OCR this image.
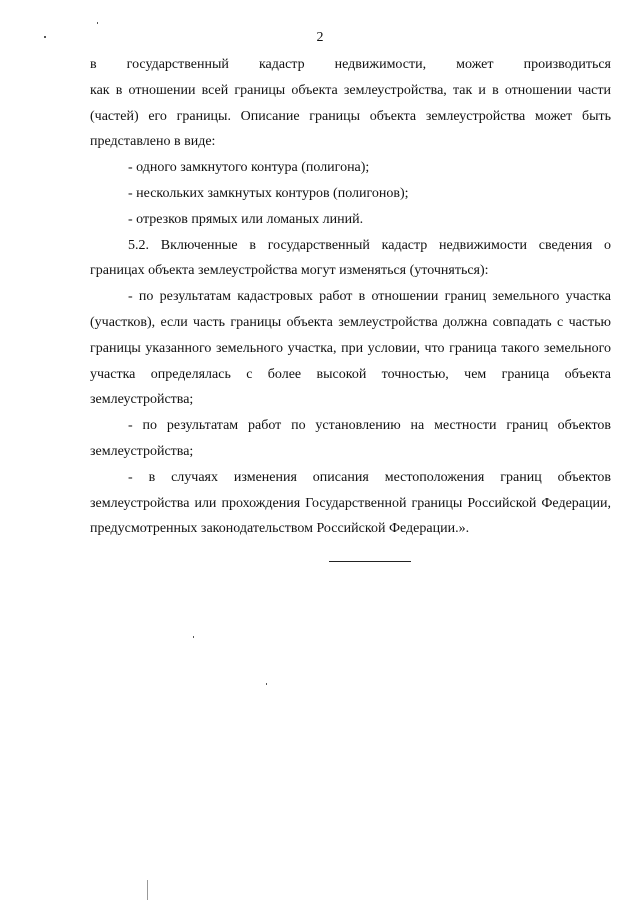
2

в государственный кадастр недвижимости, может производиться

как в отношении всей границы объекта землеустройства, так и в отношении части (частей) его границы. Описание границы объекта землеустройства может быть представлено в виде:

- одного замкнутого контура (полигона);

- нескольких замкнутых контуров (полигонов);

- отрезков прямых или ломаных линий.

5.2. Включенные в государственный кадастр недвижимости сведения о границах объекта землеустройства могут изменяться (уточняться):

- по результатам кадастровых работ в отношении границ земельного участка (участков), если часть границы объекта землеустройства должна совпадать с частью границы указанного земельного участка, при условии, что граница такого земельного участка определялась с более высокой точностью, чем граница объекта землеустройства;

- по результатам работ по установлению на местности границ объектов землеустройства;

- в случаях изменения описания местоположения границ объектов землеустройства или прохождения Государственной границы Российской Федерации, предусмотренных законодательством Российской Федерации.».
